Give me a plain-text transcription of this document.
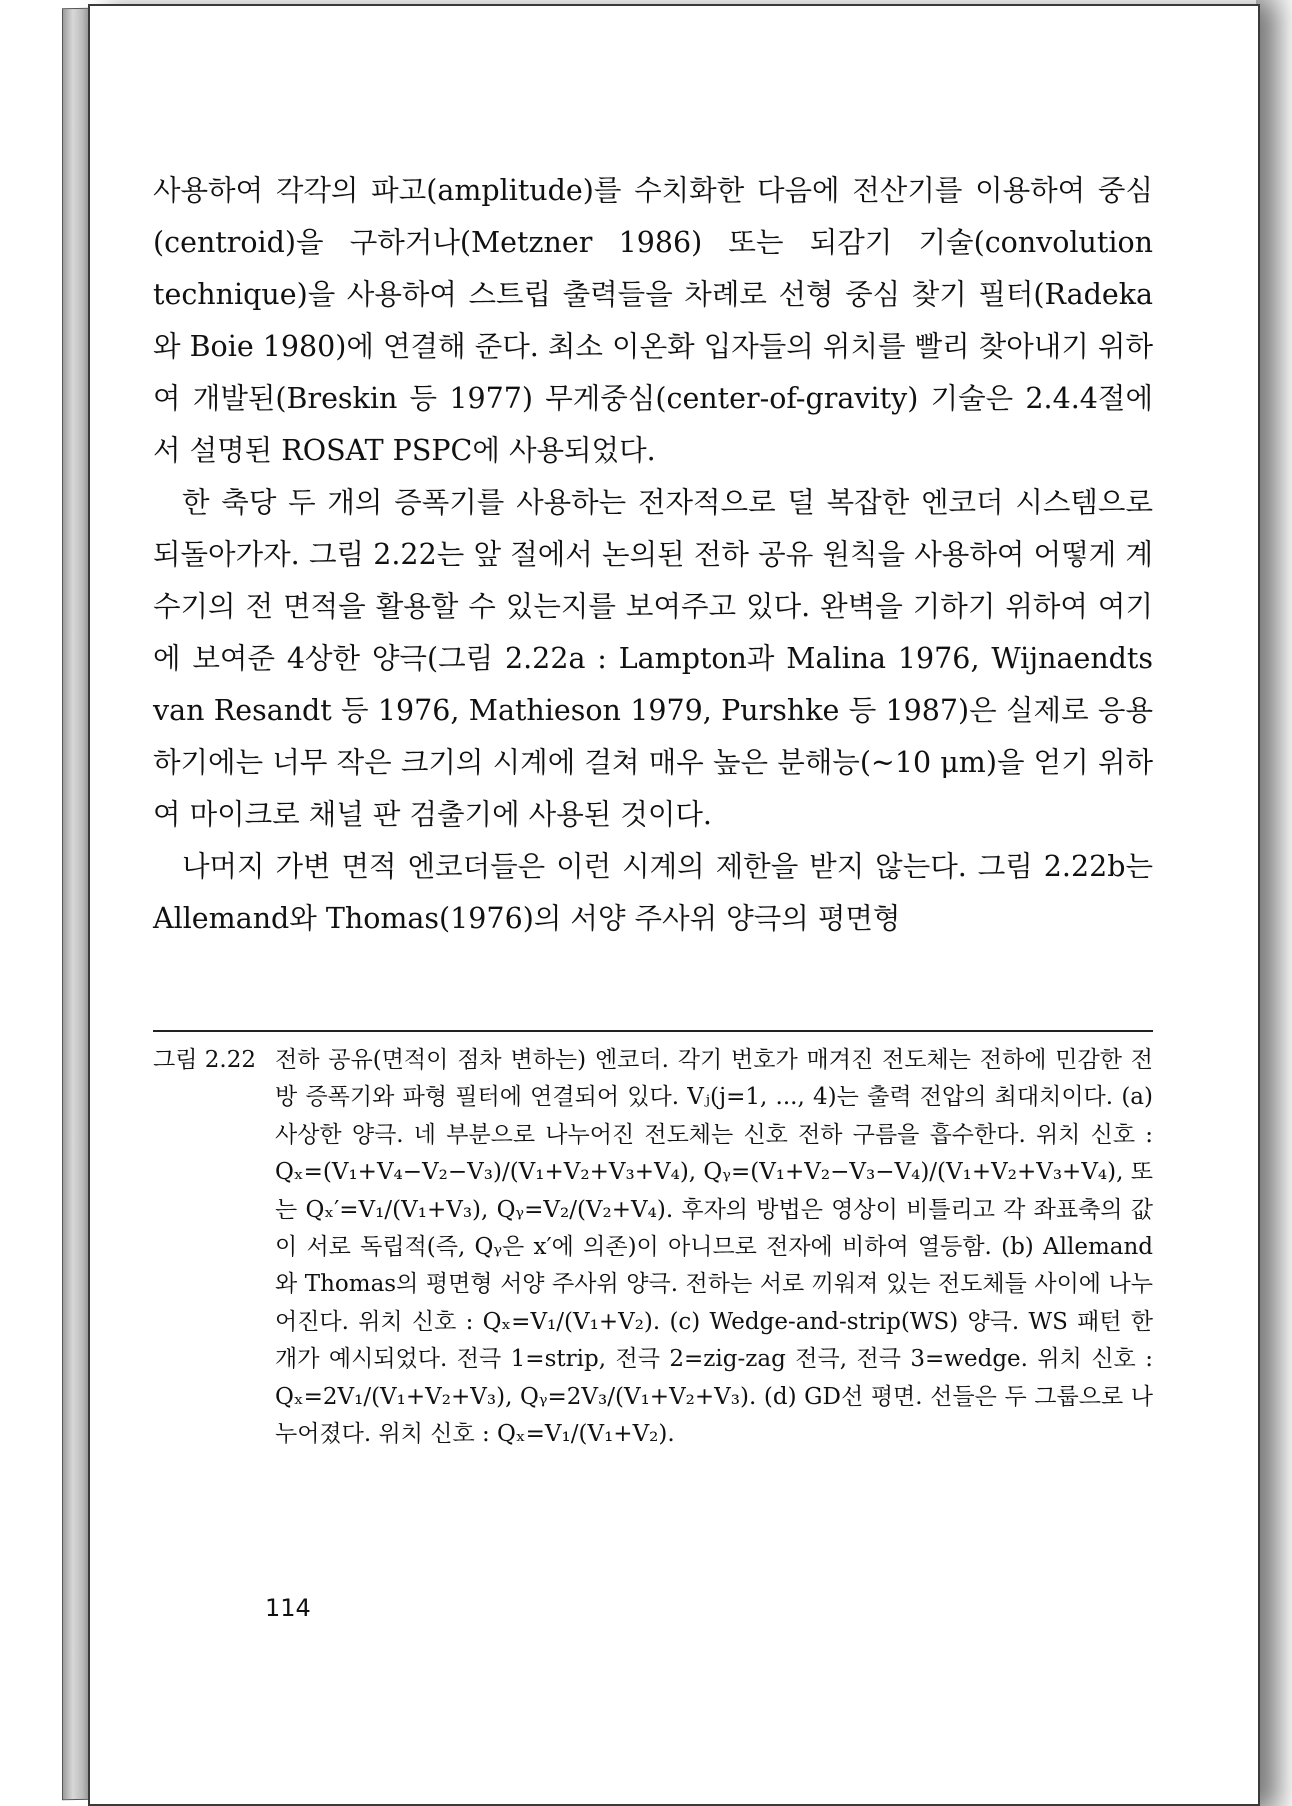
사용하여 각각의 파고(amplitude)를 수치화한 다음에 전산기를 이용하여 중심(centroid)을 구하거나(Metzner 1986) 또는 되감기 기술(convolution technique)을 사용하여 스트립 출력들을 차례로 선형 중심 찾기 필터(Radeka와 Boie 1980)에 연결해 준다. 최소 이온화 입자들의 위치를 빨리 찾아내기 위하여 개발된(Breskin 등 1977) 무게중심(center-of-gravity) 기술은 2.4.4절에서 설명된 ROSAT PSPC에 사용되었다.

한 축당 두 개의 증폭기를 사용하는 전자적으로 덜 복잡한 엔코더 시스템으로 되돌아가자. 그림 2.22는 앞 절에서 논의된 전하 공유 원칙을 사용하여 어떻게 계수기의 전 면적을 활용할 수 있는지를 보여주고 있다. 완벽을 기하기 위하여 여기에 보여준 4상한 양극(그림 2.22a : Lampton과 Malina 1976, Wijnaendts van Resandt 등 1976, Mathieson 1979, Purshke 등 1987)은 실제로 응용하기에는 너무 작은 크기의 시계에 걸쳐 매우 높은 분해능(~10 μm)을 얻기 위하여 마이크로 채널 판 검출기에 사용된 것이다.

나머지 가변 면적 엔코더들은 이런 시계의 제한을 받지 않는다. 그림 2.22b는 Allemand와 Thomas(1976)의 서양 주사위 양극의 평면형

그림 2.22 전하 공유(면적이 점차 변하는) 엔코더. 각기 번호가 매겨진 전도체는 전하에 민감한 전방 증폭기와 파형 필터에 연결되어 있다. Vⱼ(j=1, ..., 4)는 출력 전압의 최대치이다. (a) 사상한 양극. 네 부분으로 나누어진 전도체는 신호 전하 구름을 흡수한다. 위치 신호 : Qₓ=(V₁+V₄−V₂−V₃)/(V₁+V₂+V₃+V₄), Qᵧ=(V₁+V₂−V₃−V₄)/(V₁+V₂+V₃+V₄), 또는 Qₓ′=V₁/(V₁+V₃), Qᵧ=V₂/(V₂+V₄). 후자의 방법은 영상이 비틀리고 각 좌표축의 값이 서로 독립적(즉, Qᵧ은 x′에 의존)이 아니므로 전자에 비하여 열등함. (b) Allemand와 Thomas의 평면형 서양 주사위 양극. 전하는 서로 끼워져 있는 전도체들 사이에 나누어진다. 위치 신호 : Qₓ=V₁/(V₁+V₂). (c) Wedge-and-strip(WS) 양극. WS 패턴 한 개가 예시되었다. 전극 1=strip, 전극 2=zig-zag 전극, 전극 3=wedge. 위치 신호 : Qₓ=2V₁/(V₁+V₂+V₃), Qᵧ=2V₃/(V₁+V₂+V₃). (d) GD선 평면. 선들은 두 그룹으로 나누어졌다. 위치 신호 : Qₓ=V₁/(V₁+V₂).
114
